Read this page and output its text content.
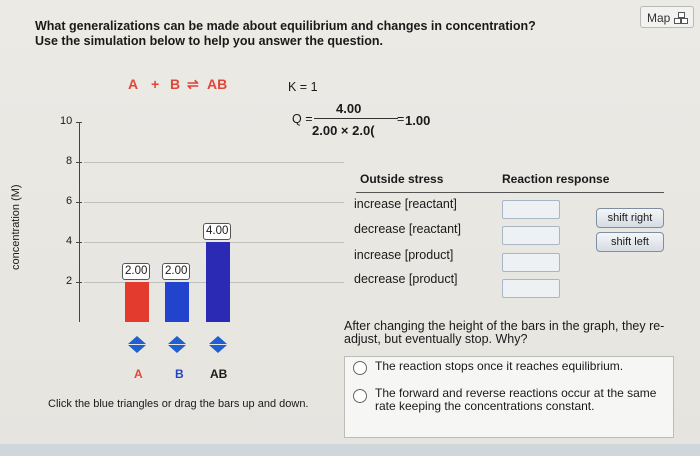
Map
What generalizations can be made about equilibrium and changes in concentration?
Use the simulation below to help you answer the question.
A + B ⇌ AB	K = 1
Q =
4.00
2.00 × 2.0(
= 1.00
concentration (M)
10
8
6
4
2
2.00 2.00
4.00
A	B AB
Click the blue triangles or drag the bars up and down.
Outside stress	Reaction response
increase [reactant]
decrease [reactant]
increase [product]
decrease [product]
shift right
shift left
After changing the height of the bars in the graph, they re-adjust, but eventually stop. Why?
The reaction stops once it reaches equilibrium.
The forward and reverse reactions occur at the same rate keeping the concentrations constant.
